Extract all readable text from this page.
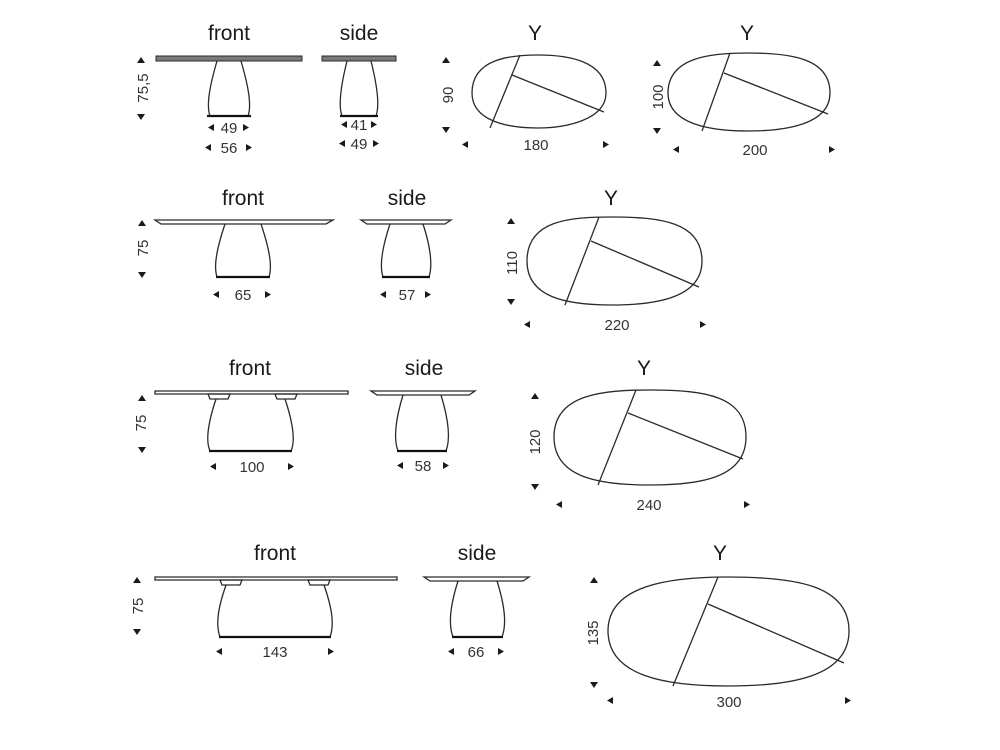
75,5
front
49
56
side
41
49
Y
90
180
Y
100
200
75
front
65
side
57
Y
110
220
75
front
100
side
58
Y
120
240
75
front
143
side
66
Y
135
300
